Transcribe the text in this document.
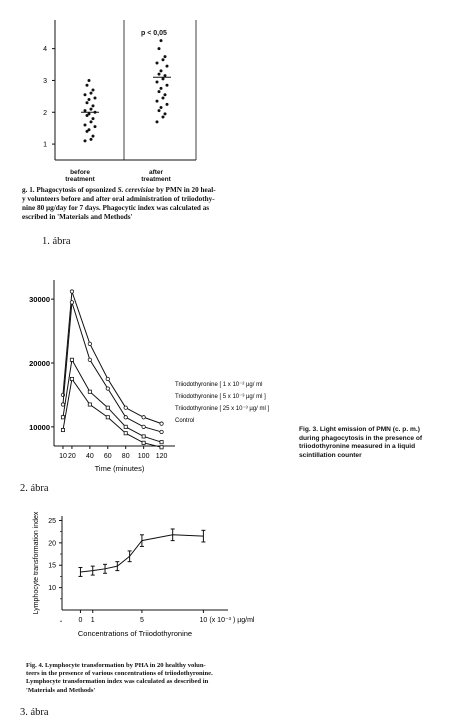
1
2
3
4
p < 0,05
before
treatment
after
treatment
g. 1. Phagocytosis of opsonized S. cerevisiae by PMN in 20 heal-
y volunteers before and after oral administration of triiodothy-
nine 80 µg/day for 7 days. Phagocytic index was calculated as
escribed in 'Materials and Methods'
1. ábra
10000
20000
30000
10 20 40 60 80 100 120
Time (minutes)
Triiodothyronine [ 1 x 10⁻² µg/ ml
Triiodothyronine [ 5 x 10⁻³ µg/ ml ]
Triiodothyronine [ 25 x 10⁻³ µg/ ml ]
Control
Fig. 3. Light emission of PMN (c. p. m.)
during phagocytosis in the presence of
triiodothyronine measured in a liquid
scintillation counter
2. ábra
10
15
20
25
0 1	5	10 (x 10⁻³ ) µg/ml
Concentrations of Triiodothyronine
Lymphocyte transformation index
Fig. 4. Lymphocyte transformation by PHA in 20 healthy volun-
teers in the presence of various concentrations of triiodothyronine.
Lymphocyte transformation index was calculated as described in
'Materials and Methods'
3. ábra
